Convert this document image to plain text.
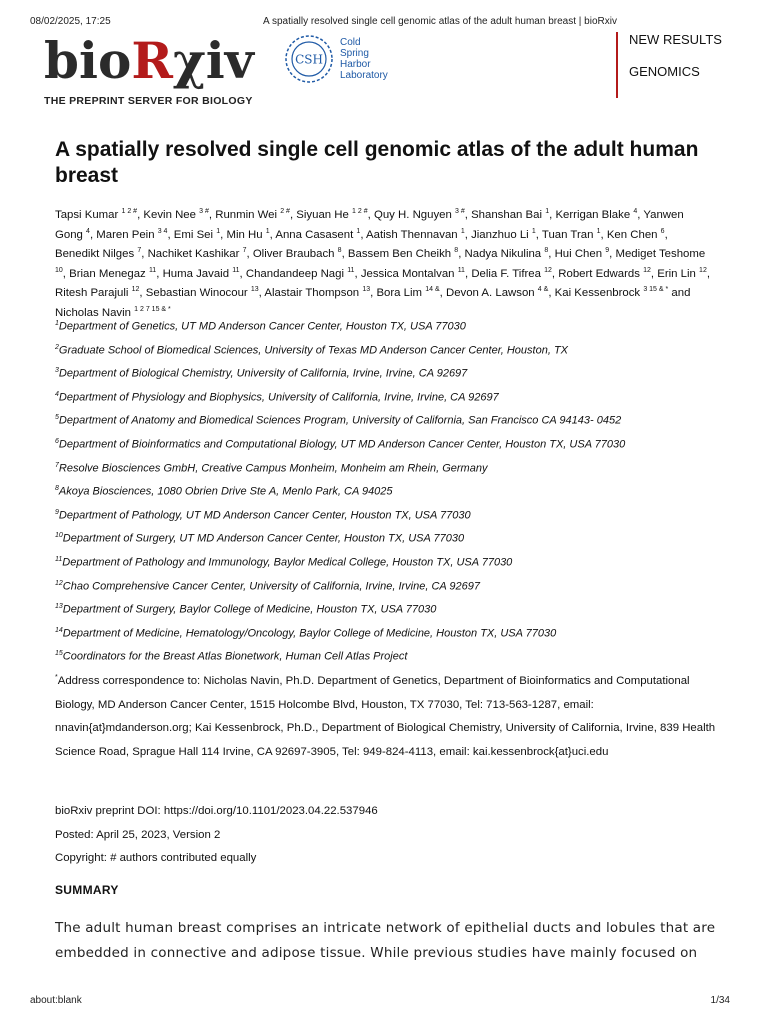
08/02/2025, 17:25	A spatially resolved single cell genomic atlas of the adult human breast | bioRxiv
bioRχiv
THE PREPRINT SERVER FOR BIOLOGY
CSH
Cold
Spring
Harbor
Laboratory
NEW RESULTS
GENOMICS
A spatially resolved single cell genomic atlas of the adult human breast
Tapsi Kumar $^{1 2 \#}$, Kevin Nee $^{3 \#}$, Runmin Wei $^{2 \#}$, Siyuan He $^{1 2 \#}$, Quy H. Nguyen $^{3 \#}$, Shanshan Bai $^1$, Kerrigan Blake $^4$, Yanwen Gong $^4$, Maren Pein $^{3 4}$, Emi Sei $^1$, Min Hu $^1$, Anna Casasent $^1$, Aatish Thennavan $^1$, Jianzhuo Li $^1$, Tuan Tran $^1$, Ken Chen $^6$, Benedikt Nilges $^7$, Nachiket Kashikar $^7$, Oliver Braubach $^8$, Bassem Ben Cheikh $^8$, Nadya Nikulina $^8$, Hui Chen $^9$, Mediget Teshome $^{10}$, Brian Menegaz $^{11}$, Huma Javaid $^{11}$, Chandandeep Nagi $^{11}$, Jessica Montalvan $^{11}$, Delia F. Tifrea $^{12}$, Robert Edwards $^{12}$, Erin Lin $^{12}$, Ritesh Parajuli $^{12}$, Sebastian Winocour $^{13}$, Alastair Thompson $^{13}$, Bora Lim $^{14 \&}$, Devon A. Lawson $^{4 \&}$, Kai Kessenbrock $^{3 15 \& *}$ and Nicholas Navin $^{1 2 7 15 \& *}$
$^1$Department of Genetics, UT MD Anderson Cancer Center, Houston TX, USA 77030
$^2$Graduate School of Biomedical Sciences, University of Texas MD Anderson Cancer Center, Houston, TX
$^3$Department of Biological Chemistry, University of California, Irvine, Irvine, CA 92697
$^4$Department of Physiology and Biophysics, University of California, Irvine, Irvine, CA 92697
$^5$Department of Anatomy and Biomedical Sciences Program, University of California, San Francisco CA 94143- 0452
$^6$Department of Bioinformatics and Computational Biology, UT MD Anderson Cancer Center, Houston TX, USA 77030
$^7$Resolve Biosciences GmbH, Creative Campus Monheim, Monheim am Rhein, Germany
$^8$Akoya Biosciences, 1080 Obrien Drive Ste A, Menlo Park, CA 94025
$^9$Department of Pathology, UT MD Anderson Cancer Center, Houston TX, USA 77030
$^{10}$Department of Surgery, UT MD Anderson Cancer Center, Houston TX, USA 77030
$^{11}$Department of Pathology and Immunology, Baylor Medical College, Houston TX, USA 77030
$^{12}$Chao Comprehensive Cancer Center, University of California, Irvine, Irvine, CA 92697
$^{13}$Department of Surgery, Baylor College of Medicine, Houston TX, USA 77030
$^{14}$Department of Medicine, Hematology/Oncology, Baylor College of Medicine, Houston TX, USA 77030
$^{15}$Coordinators for the Breast Atlas Bionetwork, Human Cell Atlas Project
*Address correspondence to: Nicholas Navin, Ph.D. Department of Genetics, Department of Bioinformatics and Computational Biology, MD Anderson Cancer Center, 1515 Holcombe Blvd, Houston, TX 77030, Tel: 713-563-1287, email: nnavin{at}mdanderson.org; Kai Kessenbrock, Ph.D., Department of Biological Chemistry, University of California, Irvine, 839 Health Science Road, Sprague Hall 114 Irvine, CA 92697-3905, Tel: 949-824-4113, email: kai.kessenbrock{at}uci.edu
bioRxiv preprint DOI: https://doi.org/10.1101/2023.04.22.537946
Posted: April 25, 2023, Version 2
Copyright: # authors contributed equally
SUMMARY
The adult human breast comprises an intricate network of epithelial ducts and lobules that are embedded in connective and adipose tissue. While previous studies have mainly focused on
about:blank	1/34
